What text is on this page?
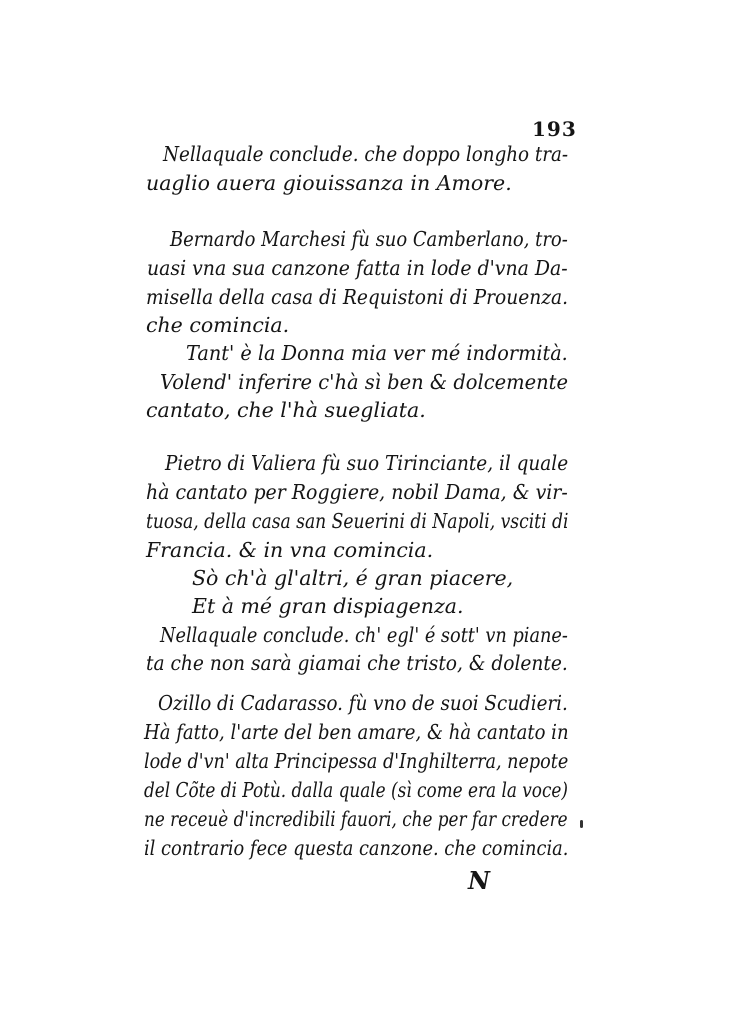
193
Nellaquale conclude. che doppo longho tra-
uaglio auera giouissanza in Amore.
Bernardo Marchesi fù suo Camberlano, tro-
uasi vna sua canzone fatta in lode d'vna Da-
misella della casa di Requistoni di Prouenza.
che comincia.
Tant' è la Donna mia ver mé indormità.
Volend' inferire c'hà sì ben & dolcemente
cantato, che l'hà suegliata.
Pietro di Valiera fù suo Tirinciante, il quale
hà cantato per Roggiere, nobil Dama, & vir-
tuosa, della casa san Seuerini di Napoli, vsciti di
Francia. & in vna comincia.
Sò ch'à gl'altri, é gran piacere,
Et à mé gran dispiagenza.
Nellaquale conclude. ch' egl' é sott' vn piane-
ta che non sarà giamai che tristo, & dolente.
Ozillo di Cadarasso. fù vno de suoi Scudieri.
Hà fatto, l'arte del ben amare, & hà cantato in
lode d'vn' alta Principessa d'Inghilterra, nepote
del Cõte di Potù. dalla quale (sì come era la voce)
ne receuè d'incredibili fauori, che per far credere
il contrario fece questa canzone. che comincia.
N
